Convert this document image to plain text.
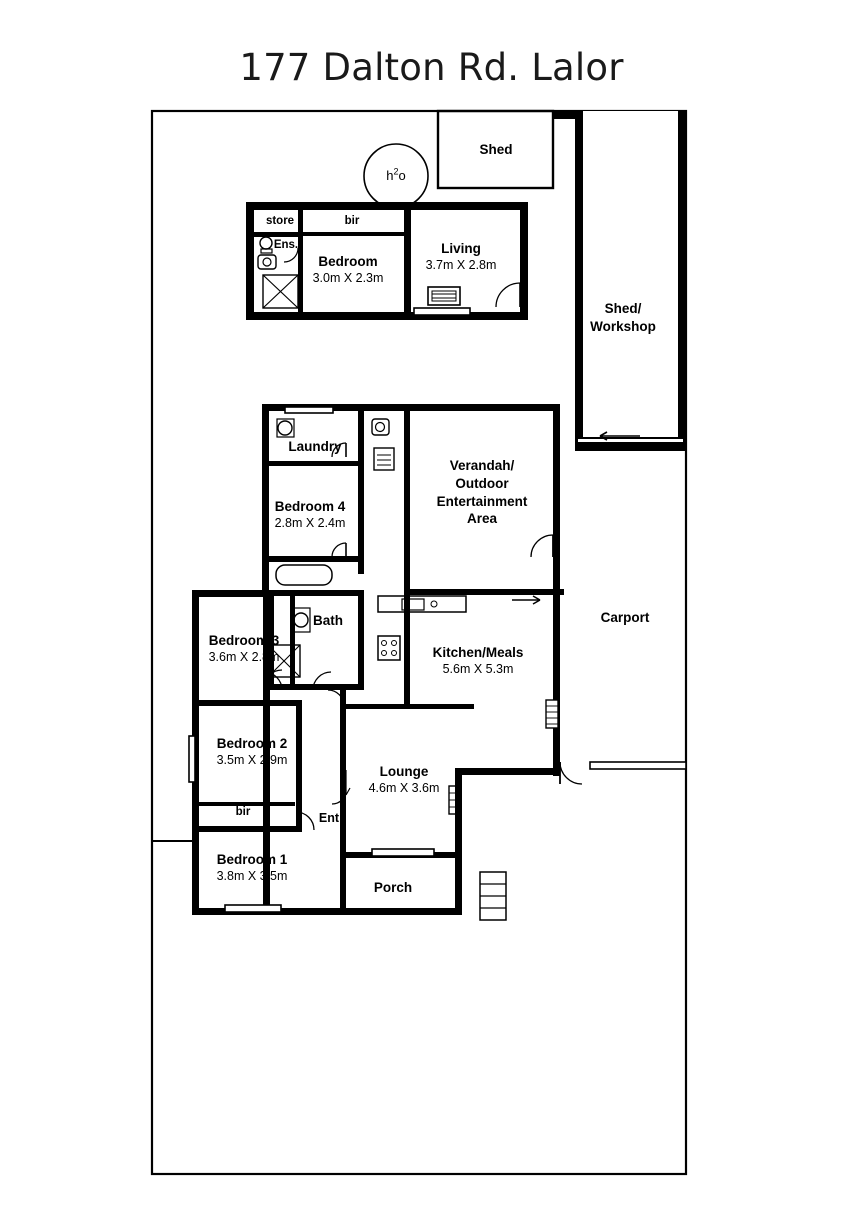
177 Dalton Rd. Lalor
$h^2o$
Shed
Shed/
Workshop
store	bir
Ens.
Bedroom
3.0m X 2.3m
Living
3.7m X 2.8m
Laundry
Bedroom 4
2.8m X 2.4m
Verandah/
Outdoor
Entertainment
Area
Bath
Bedroom 3
3.6m X 2.8m	Kitchen/Meals
5.6m X 5.3m
Carport
Bedroom 2
3.5m X 2.9m
Lounge
4.6m X 3.6m
bir	Ent
Bedroom 1
3.8m X 3.5m
Porch
